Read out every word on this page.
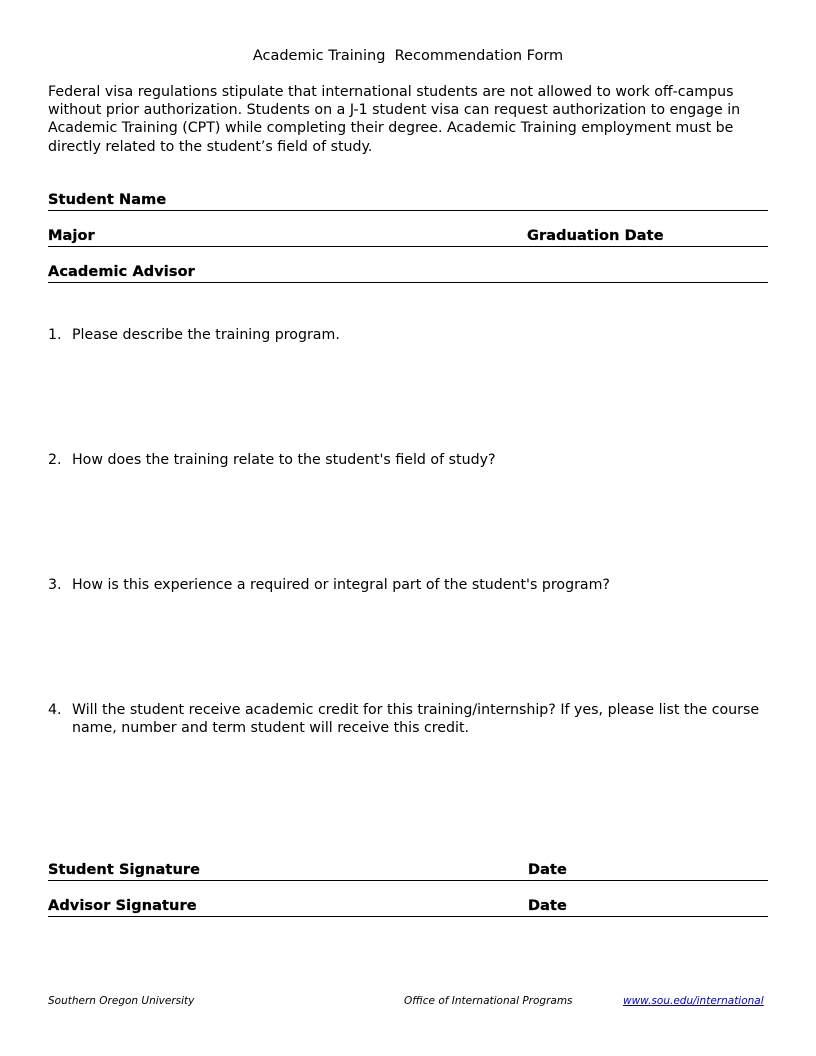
Academic Training  Recommendation Form

Federal visa regulations stipulate that international students are not allowed to work off-campus without prior authorization. Students on a J-1 student visa can request authorization to engage in Academic Training (CPT) while completing their degree. Academic Training employment must be directly related to the student’s field of study.

Student Name
Major	Graduation Date
Academic Advisor
1. Please describe the training program.
2. How does the training relate to the student's field of study?
3. How is this experience a required or integral part of the student's program?
4. Will the student receive academic credit for this training/internship? If yes, please list the course name, number and term student will receive this credit.
Student Signature	Date
Advisor Signature	Date
Southern Oregon University	Office of International Programs	www.sou.edu/international
